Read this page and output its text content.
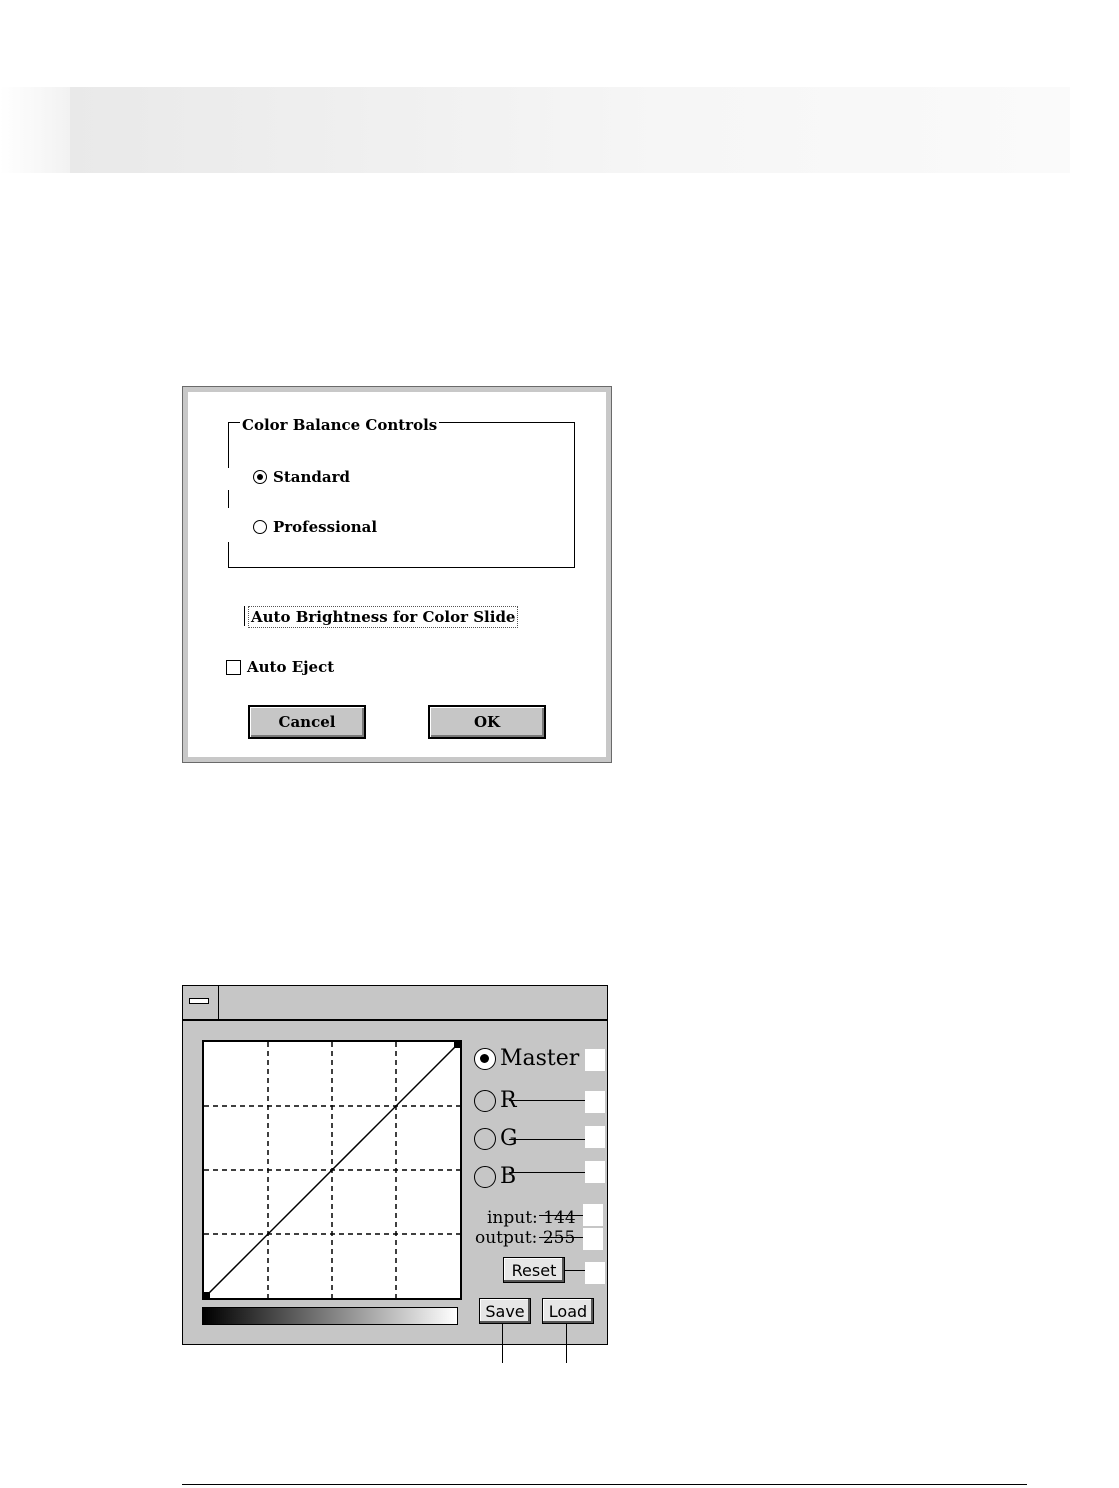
Color Balance Controls
Standard
Professional
Auto Brightness for Color Slide
Auto Eject
Cancel	OK
Master
R
G
B
input: 144
output: 255
Reset
Save	Load
